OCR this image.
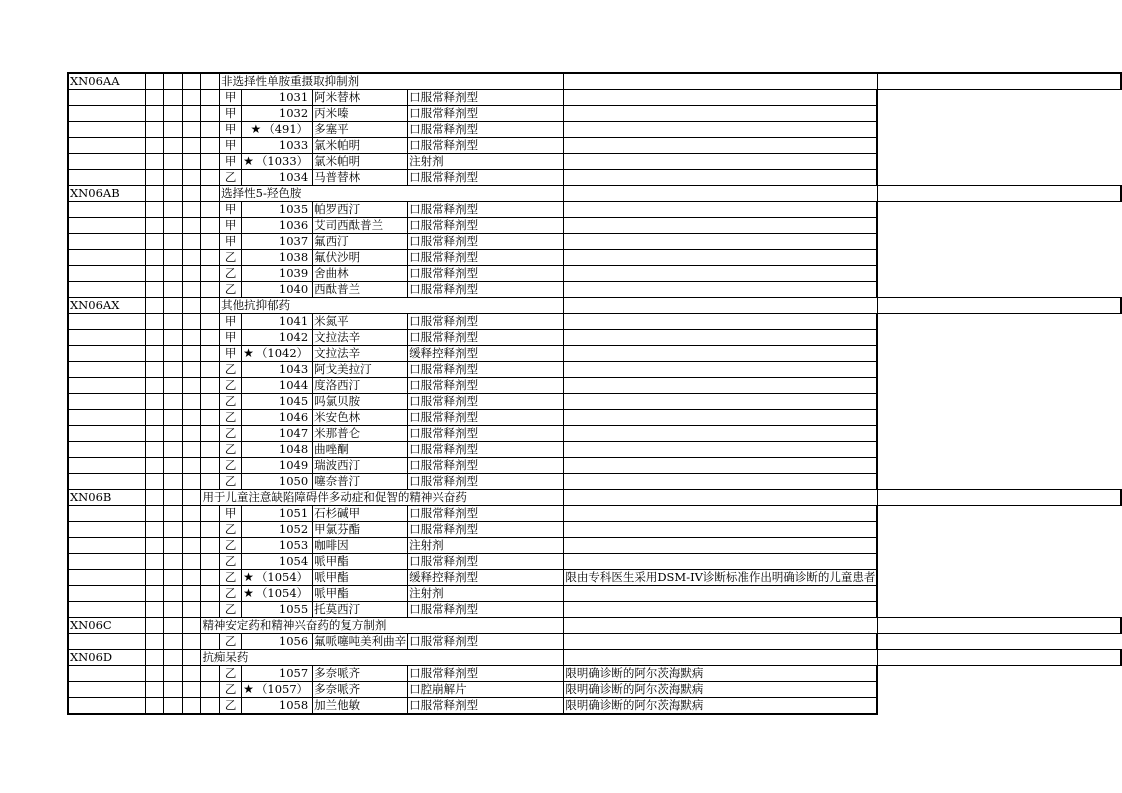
XN06AA					非选择性单胺重摄取抑制剂					
					甲	1031	阿米替林	口服常释剂型		
					甲	1032	丙米嗪	口服常释剂型		
					甲	★ （491）	多塞平	口服常释剂型		
					甲	1033	氯米帕明	口服常释剂型		
					甲	★ （1033）	氯米帕明	注射剂		
					乙	1034	马普替林	口服常释剂型		
XN06AB					选择性5-羟色胺					
					甲	1035	帕罗西汀	口服常释剂型		
					甲	1036	艾司西酞普兰	口服常释剂型		
					甲	1037	氟西汀	口服常释剂型		
					乙	1038	氟伏沙明	口服常释剂型		
					乙	1039	舍曲林	口服常释剂型		
					乙	1040	西酞普兰	口服常释剂型		
XN06AX					其他抗抑郁药					
					甲	1041	米氮平	口服常释剂型		
					甲	1042	文拉法辛	口服常释剂型		
					甲	★ （1042）	文拉法辛	缓释控释剂型		
					乙	1043	阿戈美拉汀	口服常释剂型		
					乙	1044	度洛西汀	口服常释剂型		
					乙	1045	吗氯贝胺	口服常释剂型		
					乙	1046	米安色林	口服常释剂型		
					乙	1047	米那普仑	口服常释剂型		
					乙	1048	曲唑酮	口服常释剂型		
					乙	1049	瑞波西汀	口服常释剂型		
					乙	1050	噻奈普汀	口服常释剂型		
XN06B				用于儿童注意缺陷障碍伴多动症和促智的精神兴奋药						
					甲	1051	石杉碱甲	口服常释剂型		
					乙	1052	甲氯芬酯	口服常释剂型		
					乙	1053	咖啡因	注射剂		
					乙	1054	哌甲酯	口服常释剂型		
					乙	★ （1054）	哌甲酯	缓释控释剂型	限由专科医生采用DSM-IV诊断标准作出明确诊断的儿童患者	
					乙	★ （1054）	哌甲酯	注射剂		
					乙	1055	托莫西汀	口服常释剂型		
XN06C				精神安定药和精神兴奋药的复方制剂						
					乙	1056	氟哌噻吨美利曲辛	口服常释剂型		
XN06D				抗痴呆药						
					乙	1057	多奈哌齐	口服常释剂型	限明确诊断的阿尔茨海默病	
					乙	★ （1057）	多奈哌齐	口腔崩解片	限明确诊断的阿尔茨海默病	
					乙	1058	加兰他敏	口服常释剂型	限明确诊断的阿尔茨海默病	
